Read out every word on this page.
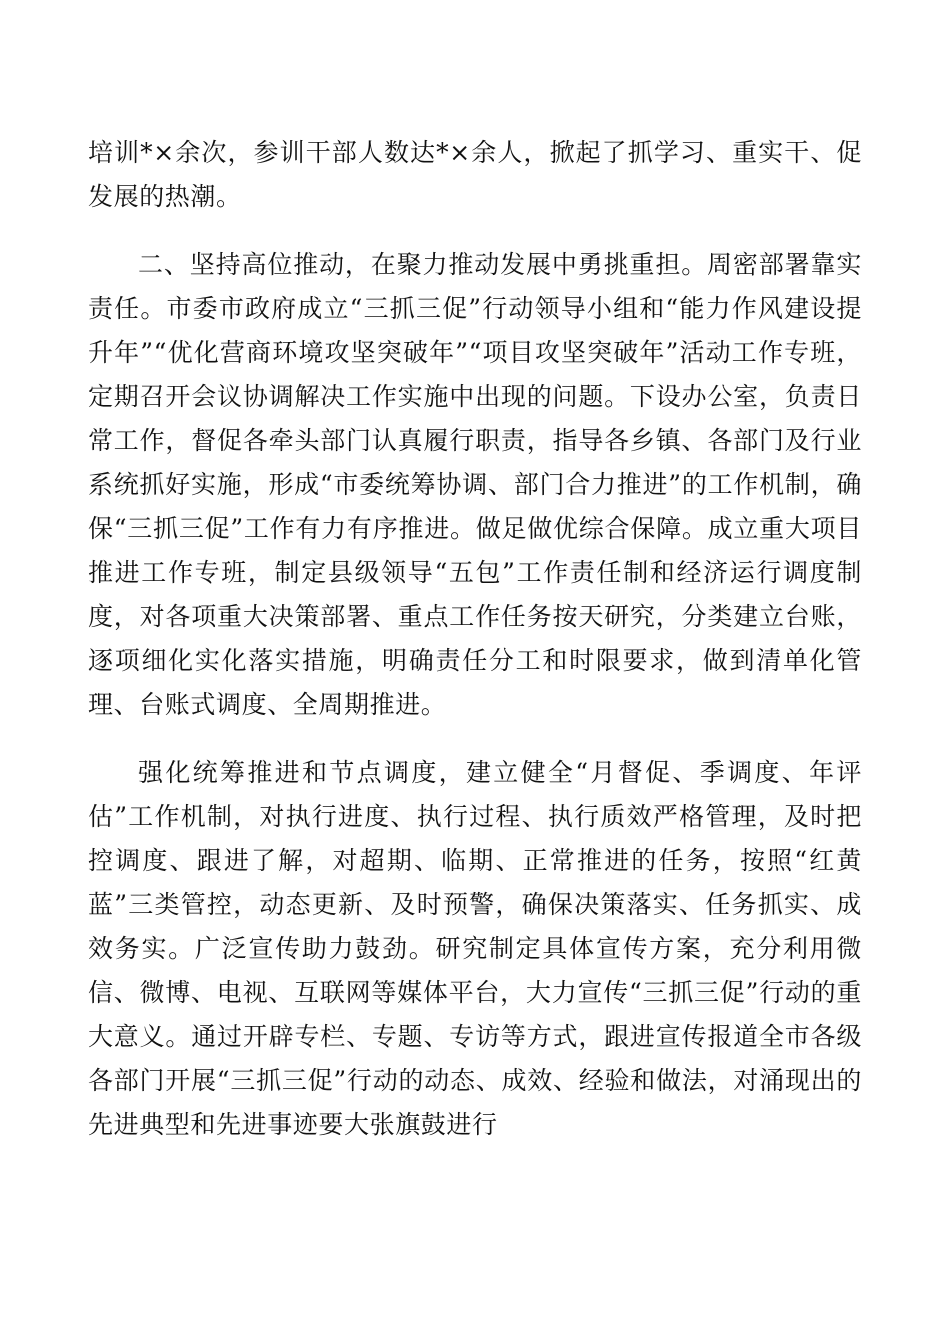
培训*×余次，参训干部人数达*×余人，掀起了抓学习、重实干、促发展的热潮。

二、坚持高位推动，在聚力推动发展中勇挑重担。周密部署靠实责任。市委市政府成立“三抓三促”行动领导小组和“能力作风建设提升年”“优化营商环境攻坚突破年”“项目攻坚突破年”活动工作专班，定期召开会议协调解决工作实施中出现的问题。下设办公室，负责日常工作，督促各牵头部门认真履行职责，指导各乡镇、各部门及行业系统抓好实施，形成“市委统筹协调、部门合力推进”的工作机制，确保“三抓三促”工作有力有序推进。做足做优综合保障。成立重大项目推进工作专班，制定县级领导“五包”工作责任制和经济运行调度制度，对各项重大决策部署、重点工作任务按天研究，分类建立台账，逐项细化实化落实措施，明确责任分工和时限要求，做到清单化管理、台账式调度、全周期推进。

强化统筹推进和节点调度，建立健全“月督促、季调度、年评估”工作机制，对执行进度、执行过程、执行质效严格管理，及时把控调度、跟进了解，对超期、临期、正常推进的任务，按照“红黄蓝”三类管控，动态更新、及时预警，确保决策落实、任务抓实、成效务实。广泛宣传助力鼓劲。研究制定具体宣传方案，充分利用微信、微博、电视、互联网等媒体平台，大力宣传“三抓三促”行动的重大意义。通过开辟专栏、专题、专访等方式，跟进宣传报道全市各级各部门开展“三抓三促”行动的动态、成效、经验和做法，对涌现出的先进典型和先进事迹要大张旗鼓进行
